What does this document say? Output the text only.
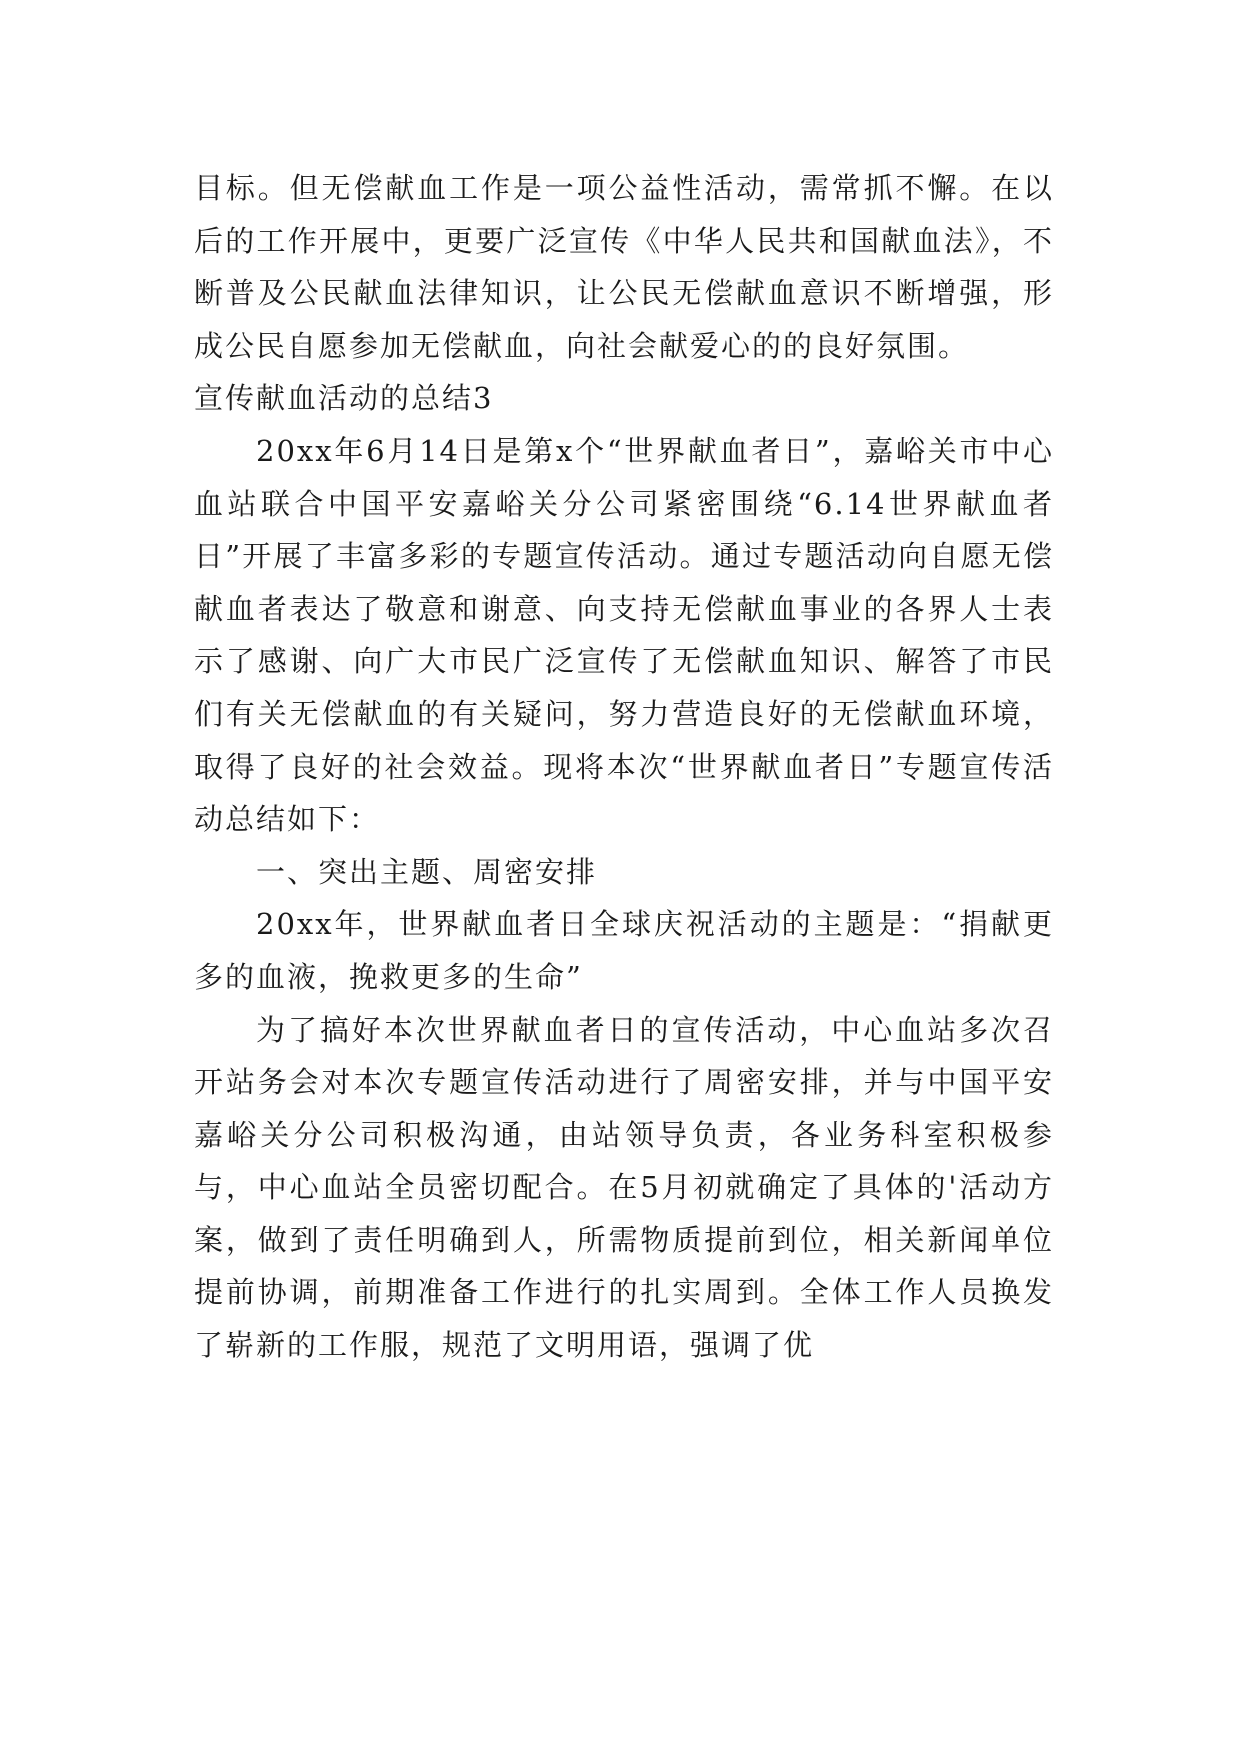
目标。但无偿献血工作是一项公益性活动，需常抓不懈。在以后的工作开展中，更要广泛宣传《中华人民共和国献血法》，不断普及公民献血法律知识，让公民无偿献血意识不断增强，形成公民自愿参加无偿献血，向社会献爱心的的良好氛围。

宣传献血活动的总结3

20xx年6月14日是第x个“世界献血者日”，嘉峪关市中心血站联合中国平安嘉峪关分公司紧密围绕“6.14世界献血者日”开展了丰富多彩的专题宣传活动。通过专题活动向自愿无偿献血者表达了敬意和谢意、向支持无偿献血事业的各界人士表示了感谢、向广大市民广泛宣传了无偿献血知识、解答了市民们有关无偿献血的有关疑问，努力营造良好的无偿献血环境，取得了良好的社会效益。现将本次“世界献血者日”专题宣传活动总结如下：

一、突出主题、周密安排

20xx年，世界献血者日全球庆祝活动的主题是：“捐献更多的血液，挽救更多的生命”

为了搞好本次世界献血者日的宣传活动，中心血站多次召开站务会对本次专题宣传活动进行了周密安排，并与中国平安嘉峪关分公司积极沟通，由站领导负责，各业务科室积极参与，中心血站全员密切配合。在5月初就确定了具体的'活动方案，做到了责任明确到人，所需物质提前到位，相关新闻单位提前协调，前期准备工作进行的扎实周到。全体工作人员换发了崭新的工作服，规范了文明用语，强调了优
